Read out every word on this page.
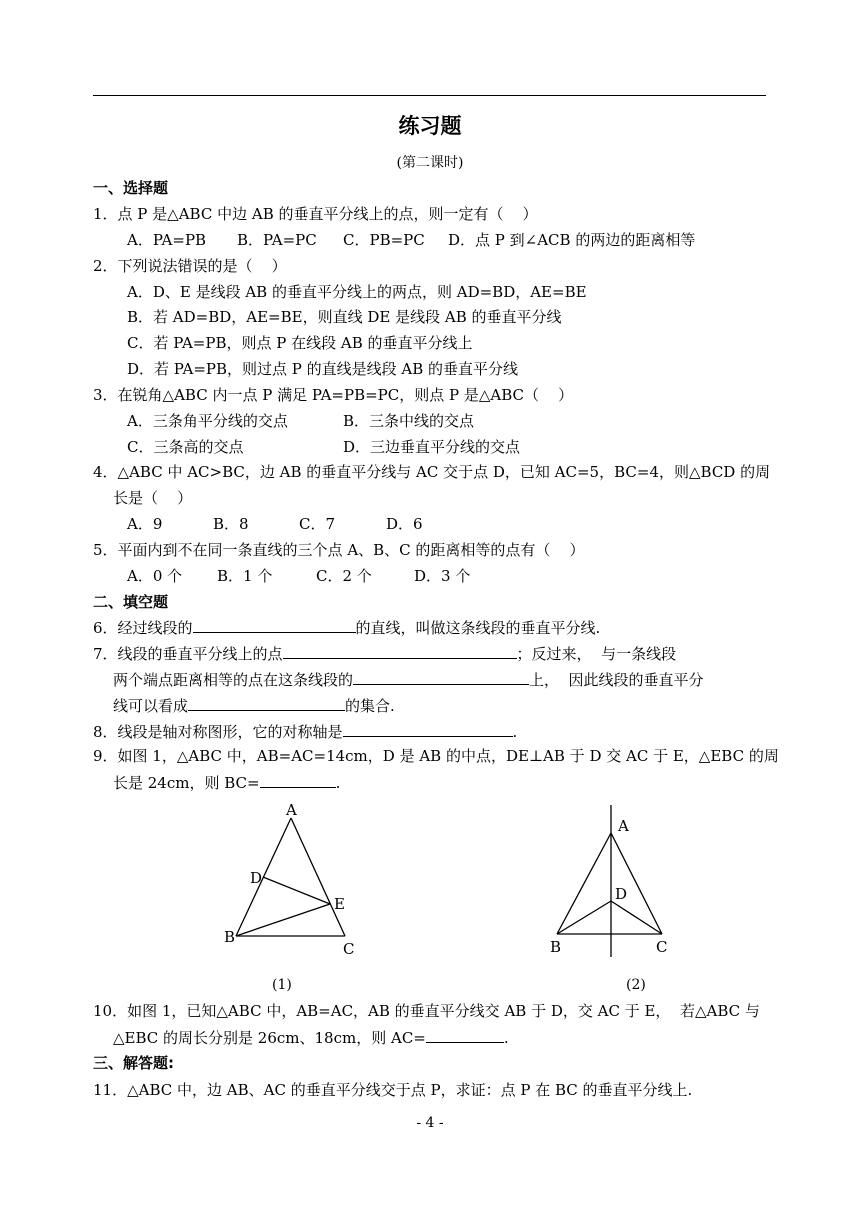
练习题
(第二课时)
一、选择题
1．点 P 是△ABC 中边 AB 的垂直平分线上的点，则一定有（    ）
A．PA=PB B．PA=PC C．PB=PC D．点 P 到∠ACB 的两边的距离相等
2．下列说法错误的是（    ）
A．D、E 是线段 AB 的垂直平分线上的两点，则 AD=BD，AE=BE
B．若 AD=BD，AE=BE，则直线 DE 是线段 AB 的垂直平分线
C．若 PA=PB，则点 P 在线段 AB 的垂直平分线上
D．若 PA=PB，则过点 P 的直线是线段 AB 的垂直平分线
3．在锐角△ABC 内一点 P 满足 PA=PB=PC，则点 P 是△ABC（    ）
A．三条角平分线的交点	B．三条中线的交点
C．三条高的交点	D．三边垂直平分线的交点
4．△ABC 中 AC>BC，边 AB 的垂直平分线与 AC 交于点 D，已知 AC=5，BC=4，则△BCD 的周
长是（    ）
A．9	B．8	C．7	D．6
5．平面内到不在同一条直线的三个点 A、B、C 的距离相等的点有（    ）
A．0 个 B．1 个	C．2 个	D．3 个
二、填空题
6．经过线段的	的直线，叫做这条线段的垂直平分线.
7．线段的垂直平分线上的点	；反过来，  与一条线段
两个端点距离相等的点在这条线段的	上，  因此线段的垂直平分
线可以看成	的集合.
8．线段是轴对称图形，它的对称轴是	.
9．如图 1，△ABC 中，AB=AC=14cm，D 是 AB 的中点，DE⊥AB 于 D 交 AC 于 E，△EBC 的周
长是 24cm，则 BC=	.
A
B
C
D
E
(1)
A
B	C
D
(2)
10．如图 1，已知△ABC 中，AB=AC，AB 的垂直平分线交 AB 于 D，交 AC 于 E，  若△ABC 与
△EBC 的周长分别是 26cm、18cm，则 AC=	.
三、解答题:
11．△ABC 中，边 AB、AC 的垂直平分线交于点 P，求证：点 P 在 BC 的垂直平分线上.
- 4 -
